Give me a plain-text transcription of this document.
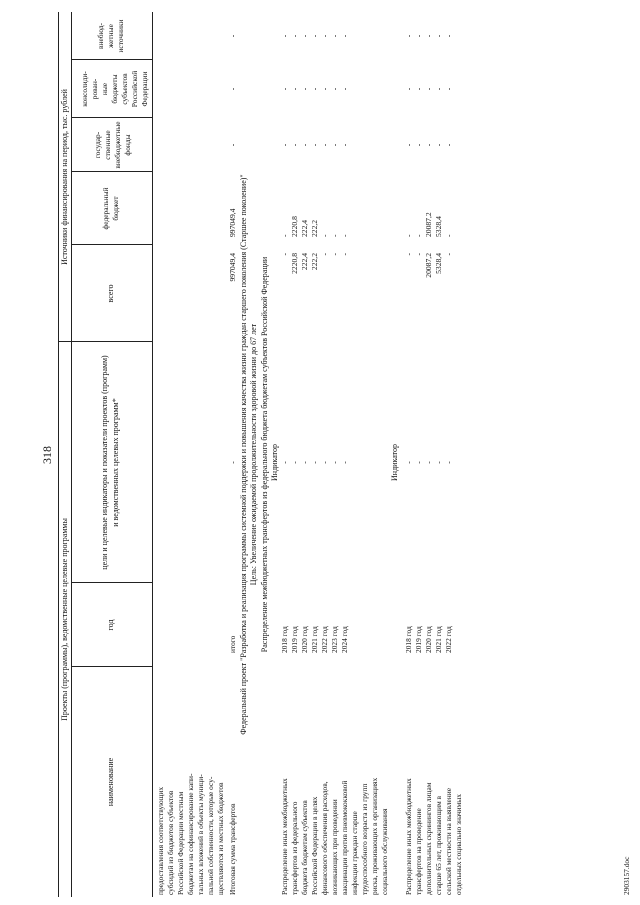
318
Проекты (программы), ведомственные целевые программы
Источники финансирования на период, тыс. рублей
наименование
год
цели и целевые индикаторы и показатели проектов (программ) и ведомственных целевых программ*
всего
федеральный бюджет
государ- ственные внебюджетные фонды
консолиди- рован- ные бюджеты субъектов Российской Федерации
внебюд- жетные источники
предоставления соответствующих субсидий из бюджетов субъектов Российской Федерации местным бюджетам на софинансирование капи- тальных вложений в объекты муници- пальной собственности, которые осу- ществляются из местных бюджетов Итоговая сумма трансфертов
итого
-
997049,4
997049,4
-
-
-
Федеральный проект "Разработка и реализация программы системной поддержки и повышения качества жизни граждан старшего поколения (Старшее поколение)" Цель: Увеличение ожидаемой продолжительности здоровой жизни до 67 лет Распределение межбюджетных трансфертов из федерального бюджета бюджетам субъектов Российской Федерации Индикатор
Распределение иных межбюджетных трансфертов из федерального бюджета бюджетам субъектов Российской Федерации в целях финансового обеспечения расходов, возникающих при проведении вакцинации против пневмококковой инфекции граждан старше трудоспособного возраста из групп риска, проживающих в организациях социального обслуживания
2018 год
-
-
-
-
-
-
2019 год
-
2220,8
2220,8
-
-
-
2020 год
-
222,4
222,4
-
-
-
2021 год
-
222,2
222,2
-
-
-
2022 год
-
-
-
-
-
-
2023 год
-
-
-
-
-
-
2024 год
-
-
-
-
-
-
Индикатор
Распределение иных межбюджетных трансфертов на проведение дополнительных скринингов лицам старше 65 лет, проживающим в сельской местности на выявление отдельных социально значимых
2018 год
-
-
-
-
-
-
2019 год
-
-
-
-
-
-
2020 год
-
20087,2
20087,2
-
-
-
2021 год
-
5328,4
5328,4
-
-
-
2022 год
-
-
-
-
-
-
2903157.doc
